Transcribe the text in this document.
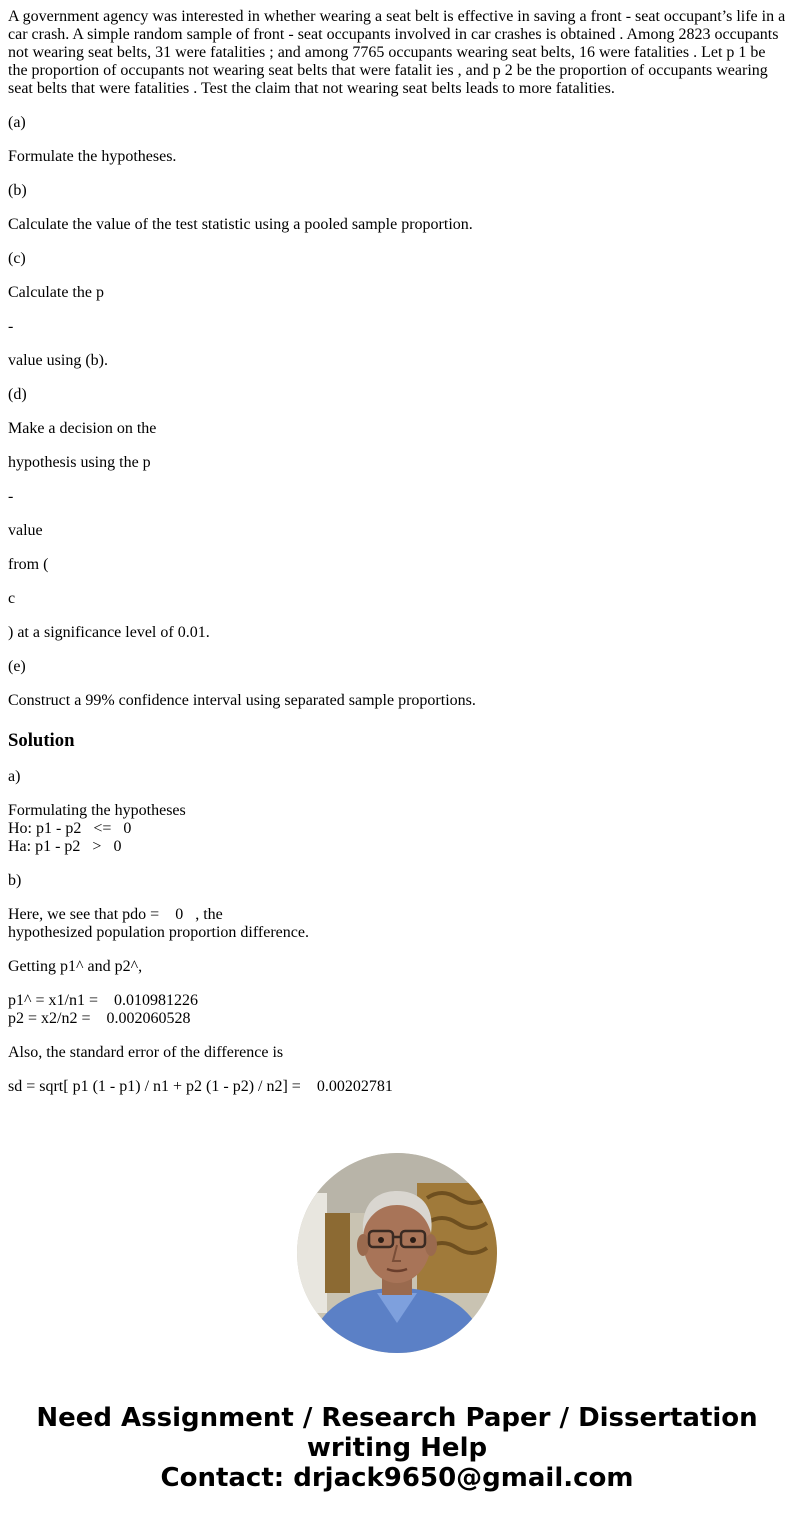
A government agency was interested in whether wearing a seat belt is effective in saving a front - seat occupant’s life in a car crash. A simple random sample of front - seat occupants involved in car crashes is obtained . Among 2823 occupants not wearing seat belts, 31 were fatalities ; and among 7765 occupants wearing seat belts, 16 were fatalities . Let p 1 be the proportion of occupants not wearing seat belts that were fatalit ies , and p 2 be the proportion of occupants wearing seat belts that were fatalities . Test the claim that not wearing seat belts leads to more fatalities.
(a)
Formulate the hypotheses.
(b)
Calculate the value of the test statistic using a pooled sample proportion.
(c)
Calculate the p
-
value using (b).
(d)
Make a decision on the
hypothesis using the p
-
value
from (
c
) at a significance level of 0.01.
(e)
Construct a 99% confidence interval using separated sample proportions.
Solution
a)
Formulating the hypotheses
Ho: p1 - p2   <=   0
Ha: p1 - p2   >   0
b)
Here, we see that pdo =    0   , the
hypothesized population proportion difference.
Getting p1^ and p2^,
p1^ = x1/n1 =    0.010981226
p2 = x2/n2 =    0.002060528
Also, the standard error of the difference is
sd = sqrt[ p1 (1 - p1) / n1 + p2 (1 - p2) / n2] =    0.00202781
Need Assignment / Research Paper / Dissertation
writing Help
Contact: drjack9650@gmail.com
